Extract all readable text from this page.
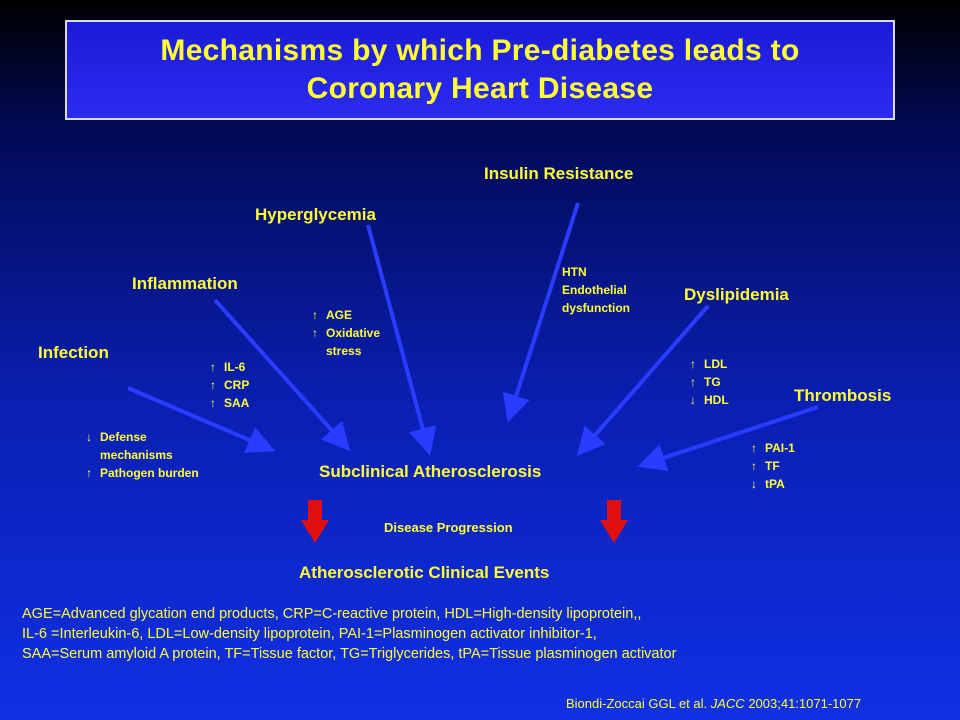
Mechanisms by which Pre-diabetes leads to
Coronary Heart Disease
Insulin Resistance
Hyperglycemia
Inflammation
Dyslipidemia
Infection
Thrombosis
HTN
Endothelial
dysfunction
↑ AGE
↑ Oxidative
stress
↑ IL-6
↑ CRP
↑ SAA
↑ LDL
↑ TG
↓ HDL
↓ Defense
mechanisms
↑ Pathogen burden
↑ PAI-1
↑ TF
↓ tPA
Subclinical Atherosclerosis
Disease Progression
Atherosclerotic Clinical Events
AGE=Advanced glycation end products, CRP=C-reactive protein, HDL=High-density lipoprotein,,
IL-6 =Interleukin-6, LDL=Low-density lipoprotein, PAI-1=Plasminogen activator inhibitor-1,
SAA=Serum amyloid A protein, TF=Tissue factor, TG=Triglycerides, tPA=Tissue plasminogen activator
Biondi-Zoccai GGL et al. JACC 2003;41:1071-1077
